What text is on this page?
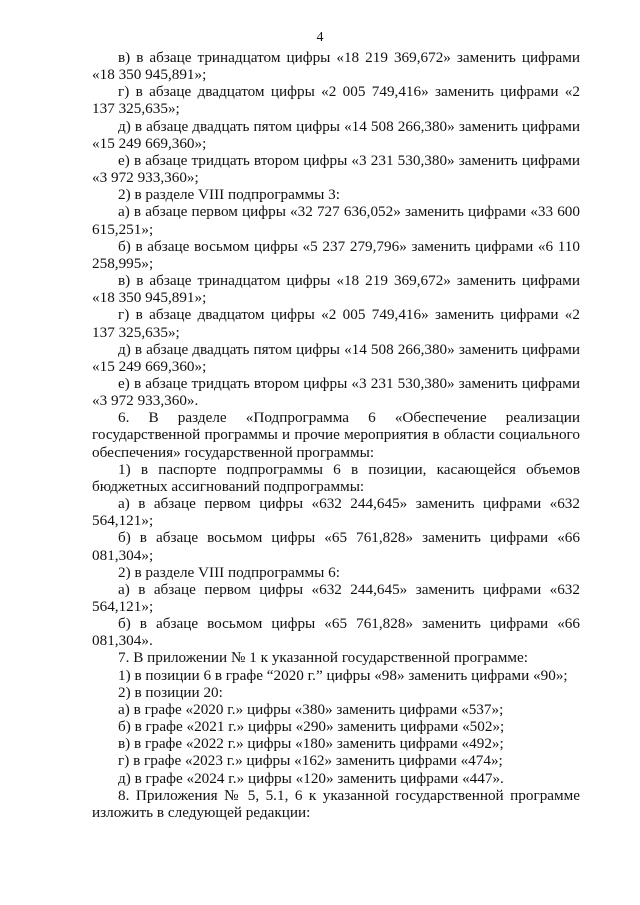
4

в) в абзаце тринадцатом цифры «18 219 369,672» заменить цифрами «18 350 945,891»;

г) в абзаце двадцатом цифры «2 005 749,416» заменить цифрами «2 137 325,635»;

д) в абзаце двадцать пятом цифры «14 508 266,380» заменить цифрами «15 249 669,360»;

е) в абзаце тридцать втором цифры «3 231 530,380» заменить цифрами «3 972 933,360»;

2) в разделе VIII подпрограммы 3:

а) в абзаце первом цифры «32 727 636,052» заменить цифрами «33 600 615,251»;

б) в абзаце восьмом цифры «5 237 279,796» заменить цифрами «6 110 258,995»;

в) в абзаце тринадцатом цифры «18 219 369,672» заменить цифрами «18 350 945,891»;

г) в абзаце двадцатом цифры «2 005 749,416» заменить цифрами «2 137 325,635»;

д) в абзаце двадцать пятом цифры «14 508 266,380» заменить цифрами «15 249 669,360»;

е) в абзаце тридцать втором цифры «3 231 530,380» заменить цифрами «3 972 933,360».

6. В разделе «Подпрограмма 6 «Обеспечение реализации государственной программы и прочие мероприятия в области социального обеспечения» государственной программы:

1) в паспорте подпрограммы 6 в позиции, касающейся объемов бюджетных ассигнований подпрограммы:

а) в абзаце первом цифры «632 244,645» заменить цифрами «632 564,121»;

б) в абзаце восьмом цифры «65 761,828» заменить цифрами «66 081,304»;

2) в разделе VIII подпрограммы 6:

а) в абзаце первом цифры «632 244,645» заменить цифрами «632 564,121»;

б) в абзаце восьмом цифры «65 761,828» заменить цифрами «66 081,304».

7. В приложении № 1 к указанной государственной программе:

1) в позиции 6 в графе “2020 г.” цифры «98» заменить цифрами «90»;

2) в позиции 20:

а) в графе «2020 г.» цифры «380» заменить цифрами «537»;

б) в графе «2021 г.» цифры «290» заменить цифрами «502»;

в) в графе «2022 г.» цифры «180» заменить цифрами «492»;

г) в графе «2023 г.» цифры «162» заменить цифрами «474»;

д) в графе «2024 г.» цифры «120» заменить цифрами «447».

8. Приложения № 5, 5.1, 6 к указанной государственной программе изложить в следующей редакции:
